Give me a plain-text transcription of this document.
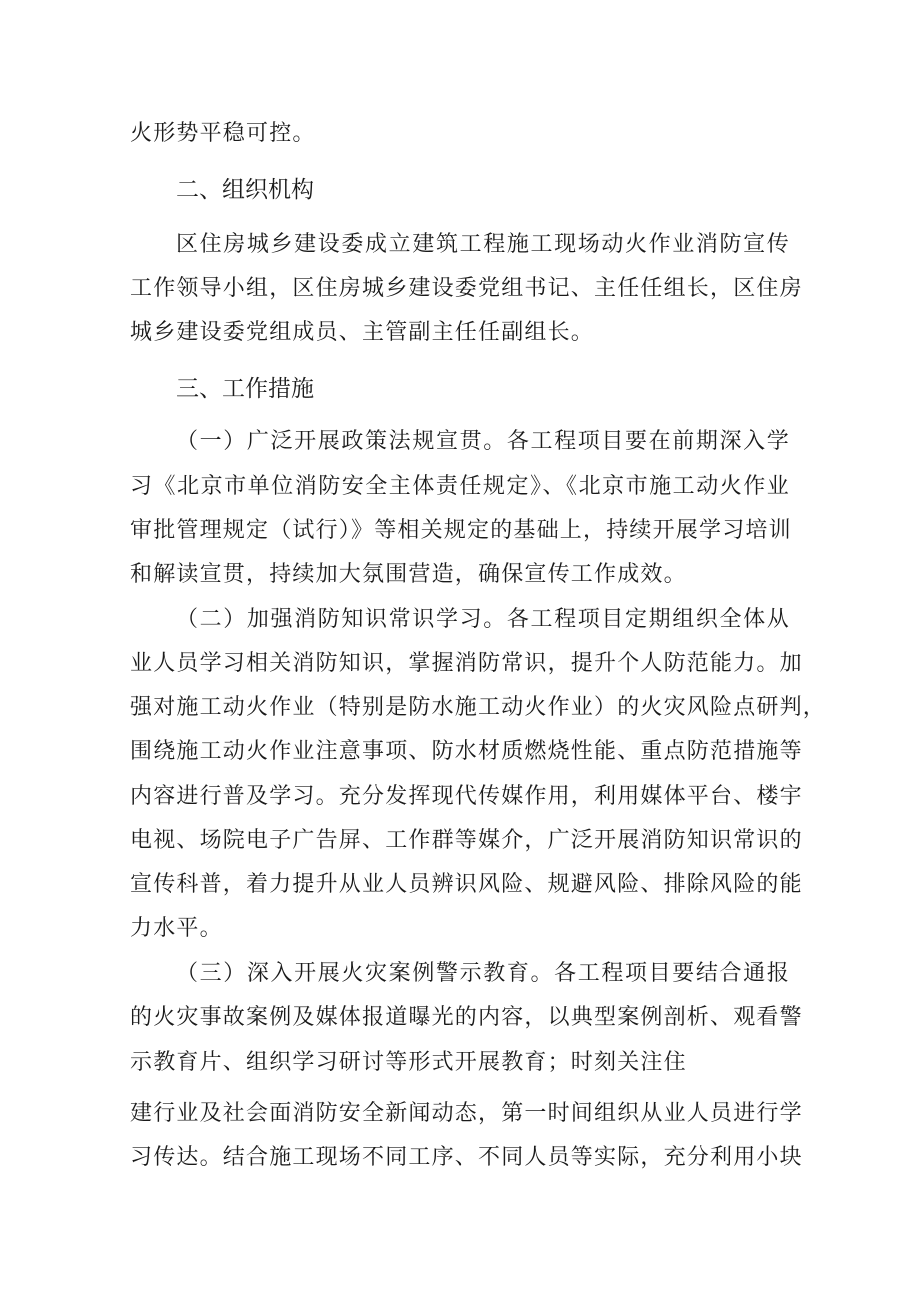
火形势平稳可控。
二、组织机构
区住房城乡建设委成立建筑工程施工现场动火作业消防宣传
工作领导小组，区住房城乡建设委党组书记、主任任组长，区住房
城乡建设委党组成员、主管副主任任副组长。
三、工作措施
（一）广泛开展政策法规宣贯。各工程项目要在前期深入学
习《北京市单位消防安全主体责任规定》、《北京市施工动火作业
审批管理规定（试行）》等相关规定的基础上，持续开展学习培训
和解读宣贯，持续加大氛围营造，确保宣传工作成效。
（二）加强消防知识常识学习。各工程项目定期组织全体从
业人员学习相关消防知识，掌握消防常识，提升个人防范能力。加
强对施工动火作业（特别是防水施工动火作业）的火灾风险点研判，
围绕施工动火作业注意事项、防水材质燃烧性能、重点防范措施等
内容进行普及学习。充分发挥现代传媒作用，利用媒体平台、楼宇
电视、场院电子广告屏、工作群等媒介，广泛开展消防知识常识的
宣传科普，着力提升从业人员辨识风险、规避风险、排除风险的能
力水平。
（三）深入开展火灾案例警示教育。各工程项目要结合通报
的火灾事故案例及媒体报道曝光的内容，以典型案例剖析、观看警
示教育片、组织学习研讨等形式开展教育；时刻关注住
建行业及社会面消防安全新闻动态，第一时间组织从业人员进行学
习传达。结合施工现场不同工序、不同人员等实际，充分利用小块
